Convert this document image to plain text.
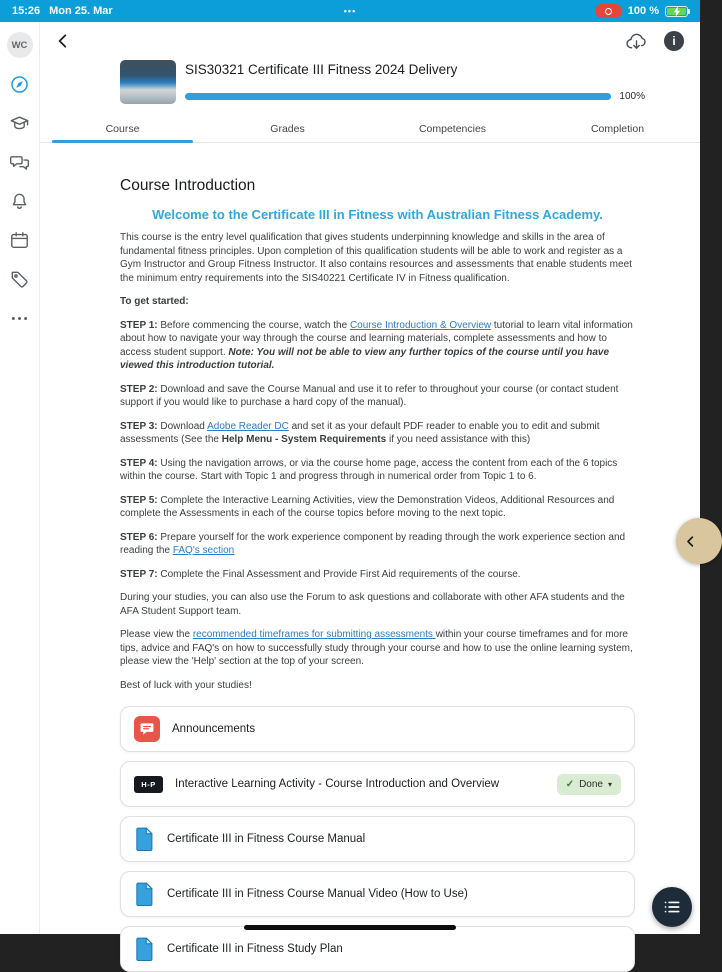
15:26 Mon 25. Mar	•••	100 %
WC	i
SIS30321 Certificate III Fitness 2024 Delivery
100%
Course	Grades	Competencies	Completion
Course Introduction
Welcome to the Certificate III in Fitness with Australian Fitness Academy.

This course is the entry level qualification that gives students underpinning knowledge and skills in the area of fundamental fitness principles. Upon completion of this qualification students will be able to work and register as a Gym Instructor and Group Fitness Instructor. It also contains resources and assessments that enable students meet the minimum entry requirements into the SIS40221 Certificate IV in Fitness qualification.

To get started:

STEP 1: Before commencing the course, watch the Course Introduction & Overview tutorial to learn vital information about how to navigate your way through the course and learning materials, complete assessments and how to access student support. Note: You will not be able to view any further topics of the course until you have viewed this introduction tutorial.

STEP 2: Download and save the Course Manual and use it to refer to throughout your course (or contact student support if you would like to purchase a hard copy of the manual).

STEP 3: Download Adobe Reader DC and set it as your default PDF reader to enable you to edit and submit assessments (See the Help Menu - System Requirements if you need assistance with this)

STEP 4: Using the navigation arrows, or via the course home page, access the content from each of the 6 topics within the course. Start with Topic 1 and progress through in numerical order from Topic 1 to 6.

STEP 5: Complete the Interactive Learning Activities, view the Demonstration Videos, Additional Resources and complete the Assessments in each of the course topics before moving to the next topic.

STEP 6: Prepare yourself for the work experience component by reading through the work experience section and reading the FAQ's section

STEP 7: Complete the Final Assessment and Provide First Aid requirements of the course.

During your studies, you can also use the Forum to ask questions and collaborate with other AFA students and the AFA Student Support team.

Please view the recommended timeframes for submitting assessments within your course timeframes and for more tips, advice and FAQ's on how to successfully study through your course and how to use the online learning system, please view the 'Help' section at the top of your screen.

Best of luck with your studies!

Announcements
H-P	Interactive Learning Activity - Course Introduction and Overview	✓ Done ▾
Certificate III in Fitness Course Manual
Certificate III in Fitness Course Manual Video (How to Use)
Certificate III in Fitness Study Plan
